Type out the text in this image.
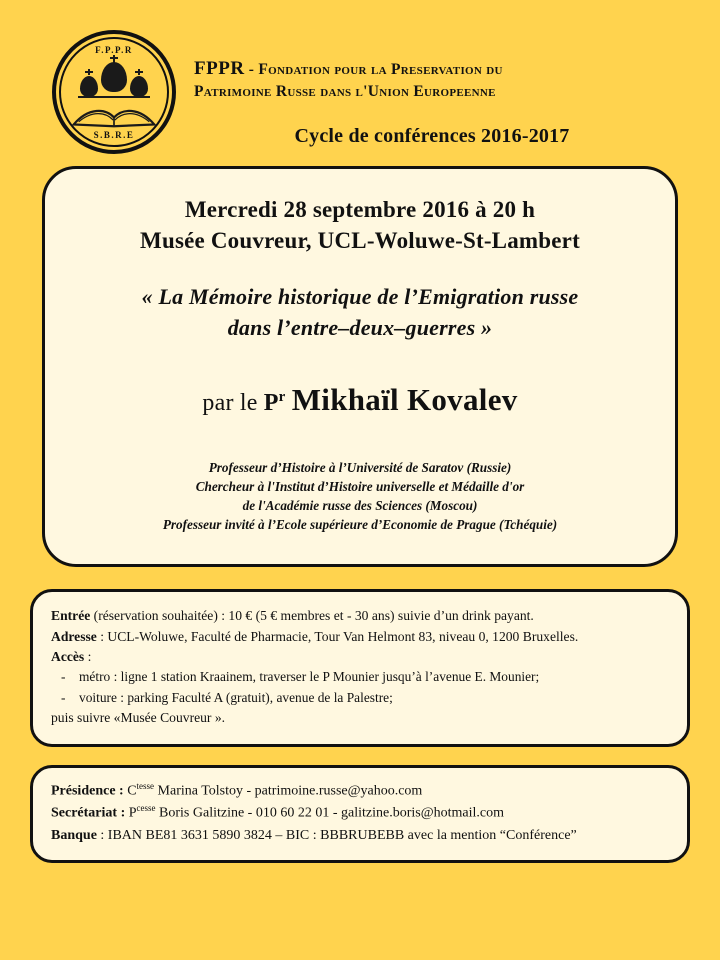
F.P.P.R
S.B.R.E
FPPR - Fondation pour la Preservation du
Patrimoine Russe dans l'Union Europeenne
Cycle de conférences 2016-2017
Mercredi 28 septembre 2016 à 20 h
Musée Couvreur, UCL-Woluwe-St-Lambert
« La Mémoire historique de l’Emigration russe
dans l’entre–deux–guerres »
par le $P^r$ Mikhaïl Kovalev
Professeur d’Histoire à l’Université de Saratov (Russie)
Chercheur à l'Institut d’Histoire universelle et Médaille d'or
de l'Académie russe des Sciences (Moscou)
Professeur invité à l’Ecole supérieure d’Economie de Prague (Tchéquie)
Entrée (réservation souhaitée) : 10 € (5 € membres et - 30 ans) suivie d’un drink payant.
Adresse : UCL-Woluwe, Faculté de Pharmacie, Tour Van Helmont 83, niveau 0, 1200 Bruxelles.
Accès :
- métro : ligne 1 station Kraainem, traverser le P Mounier jusqu’à l’avenue E. Mounier;
- voiture : parking Faculté A (gratuit), avenue de la Palestre;
puis suivre «Musée Couvreur ».
Présidence : $C^{tesse}$ Marina Tolstoy - patrimoine.russe@yahoo.com
Secrétariat : $P^{cesse}$ Boris Galitzine - 010 60 22 01 - galitzine.boris@hotmail.com
Banque : IBAN BE81 3631 5890 3824 – BIC : BBBRUBEBB avec la mention “Conférence”
